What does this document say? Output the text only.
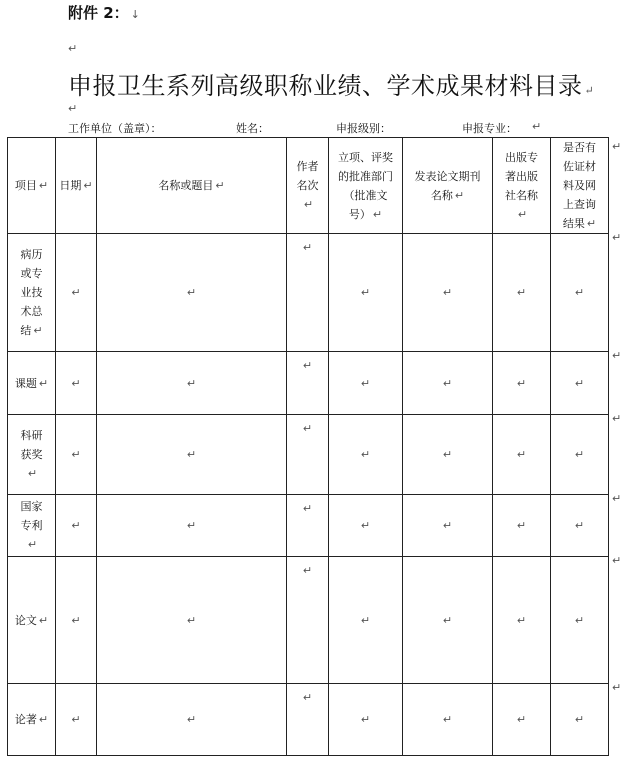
附件 2： ↓
↵
申报卫生系列高级职称业绩、学术成果材料目录 ↵
↵
工作单位（盖章）：	姓名：	申报级别：	申报专业： ↵
项目 ↵	日期 ↵	名称或题目 ↵	作者名次↵	立项、评奖的批准部门（批准文号） ↵	发表论文期刊名称 ↵	出版专著出版社名称↵	是否有佐证材料及网上查询结果 ↵
病历或专业技术总结 ↵	↵	↵	↵	↵	↵	↵	↵
课题 ↵	↵	↵	↵	↵	↵	↵	↵
科研获奖↵	↵	↵	↵	↵	↵	↵	↵
国家专利↵	↵	↵	↵	↵	↵	↵	↵
论文 ↵	↵	↵	↵	↵	↵	↵	↵
论著 ↵	↵	↵	↵	↵	↵	↵	↵
↵
↵
↵
↵
↵
↵
↵
